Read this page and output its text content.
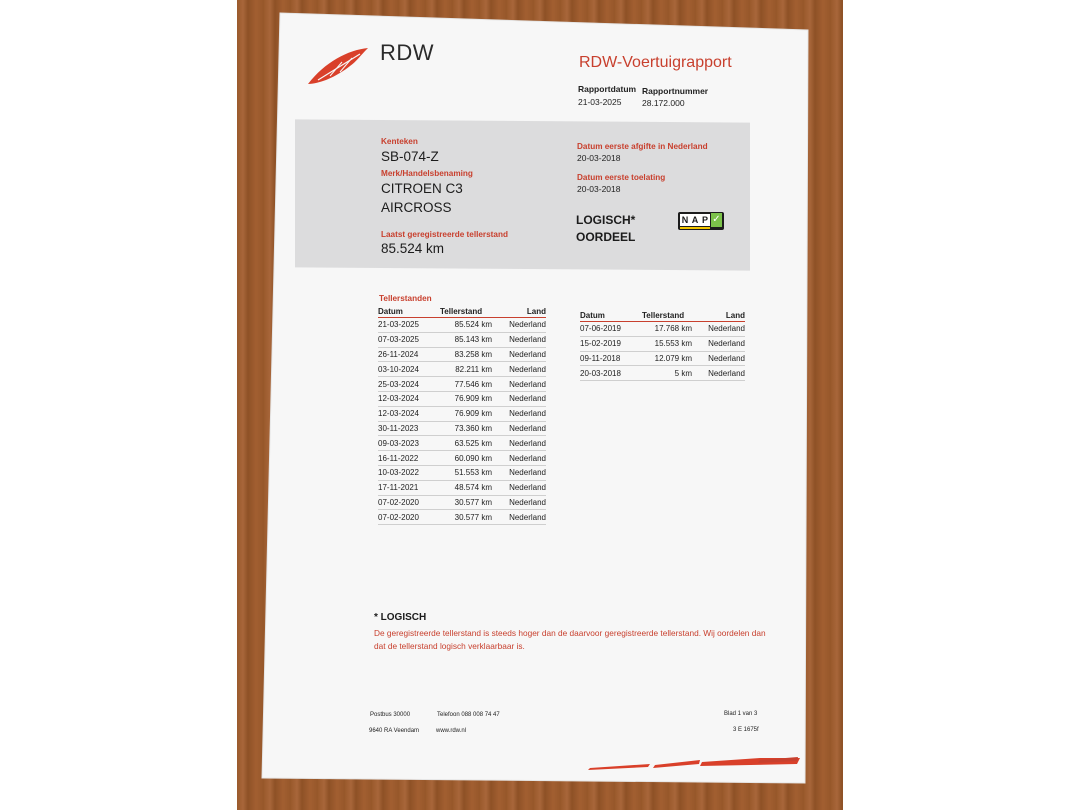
RDW	RDW-Voertuigrapport
Rapportdatum Rapportnummer
21-03-2025 28.172.000
Kenteken
SB-074-Z
Merk/Handelsbenaming
CITROEN C3
AIRCROSS
Laatst geregistreerde tellerstand
85.524 km
Datum eerste afgifte in Nederland
20-03-2018
Datum eerste toelating
20-03-2018
LOGISCH*
OORDEEL
N A P ✓
Tellerstanden
Datum	Tellerstand	Land
21-03-2025	85.524 km	Nederland
07-03-2025	85.143 km	Nederland
26-11-2024	83.258 km	Nederland
03-10-2024	82.211 km	Nederland
25-03-2024	77.546 km	Nederland
12-03-2024	76.909 km	Nederland
12-03-2024	76.909 km	Nederland
30-11-2023	73.360 km	Nederland
09-03-2023	63.525 km	Nederland
16-11-2022	60.090 km	Nederland
10-03-2022	51.553 km	Nederland
17-11-2021	48.574 km	Nederland
07-02-2020	30.577 km	Nederland
07-02-2020	30.577 km	Nederland
Datum	Tellerstand	Land
07-06-2019	17.768 km	Nederland
15-02-2019	15.553 km	Nederland
09-11-2018	12.079 km	Nederland
20-03-2018	5 km	Nederland
* LOGISCH
De geregistreerde tellerstand is steeds hoger dan de daarvoor geregistreerde tellerstand. Wij oordelen dan
dat de tellerstand logisch verklaarbaar is.
Postbus 30000
9640 RA Veendam
Telefoon 088 008 74 47
www.rdw.nl
Blad 1 van 3
3 E 1675f
